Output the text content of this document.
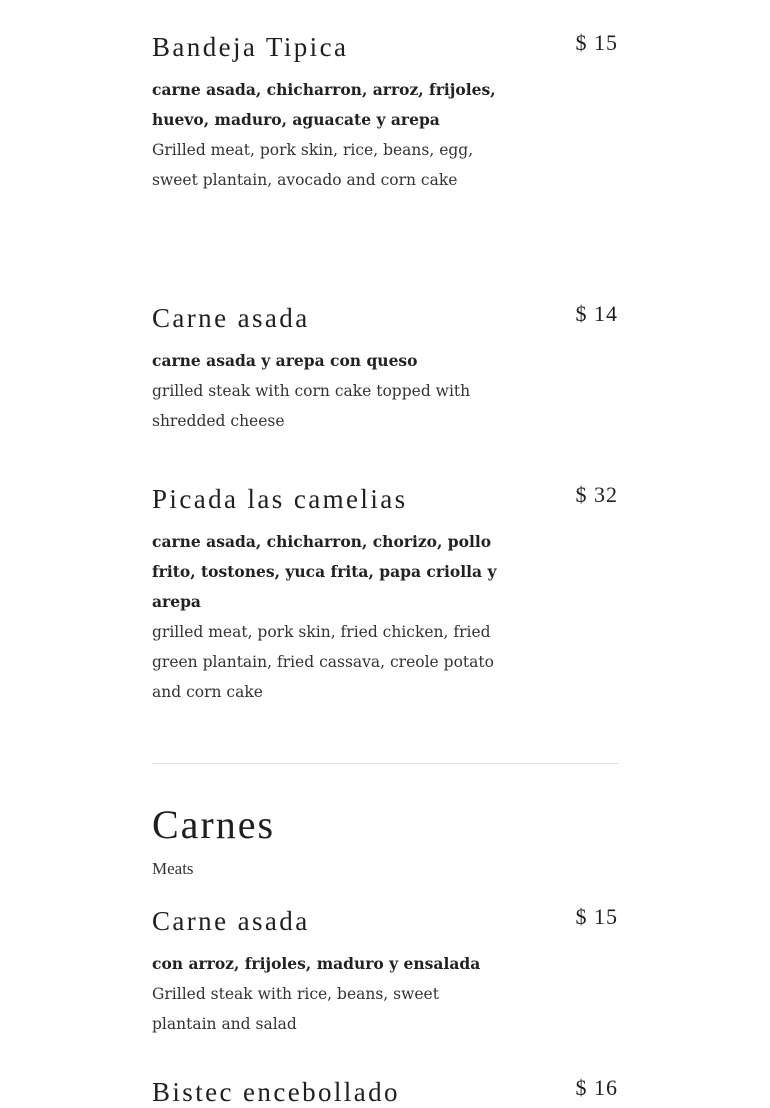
Bandeja Tipica	$ 15
carne asada, chicharron, arroz, frijoles, huevo, maduro, aguacate y arepa
Grilled meat, pork skin, rice, beans, egg, sweet plantain, avocado and corn cake
Carne asada	$ 14
carne asada y arepa con queso
grilled steak with corn cake topped with shredded cheese
Picada las camelias	$ 32
carne asada, chicharron, chorizo, pollo frito, tostones, yuca frita, papa criolla y arepa
grilled meat, pork skin, fried chicken, fried green plantain, fried cassava, creole potato and corn cake
Carnes
Meats
Carne asada	$ 15
con arroz, frijoles, maduro y ensalada
Grilled steak with rice, beans, sweet plantain and salad
Bistec encebollado	$ 16
